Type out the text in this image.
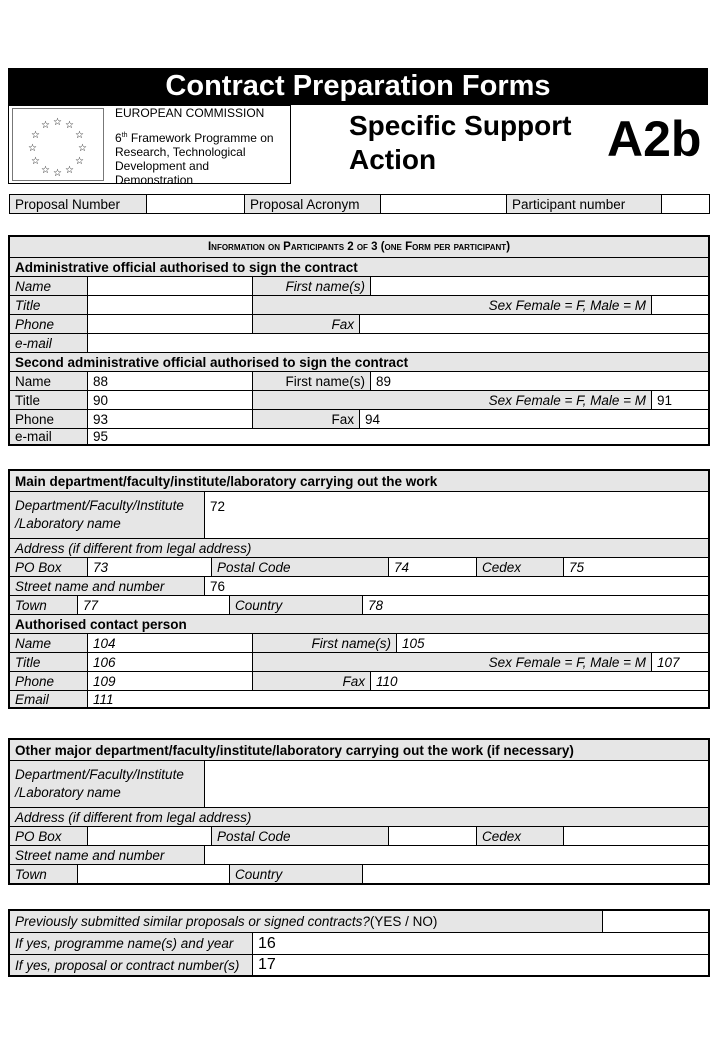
Contract Preparation Forms
☆ ☆
☆
☆
☆
☆
☆
☆
☆
☆
☆ ☆
EUROPEAN COMMISSION
6th Framework Programme on
Research, Technological
Development and Demonstration
Specific Support
Action	A2b
Proposal Number	Proposal Acronym	Participant number
Information on Participants 2 of 3 (one Form per participant)
Administrative official authorised to sign the contract
Name	First name(s)
Title	Sex Female = F, Male = M
Phone	Fax
e-mail
Second administrative official authorised to sign the contract
Name	88	First name(s) 89
Title	90	Sex Female = F, Male = M 91
Phone	93	Fax 94
e-mail	95
Main department/faculty/institute/laboratory carrying out the work
Department/Faculty/Institute
/Laboratory name
72
Address (if different from legal address)
PO Box	73	Postal Code	74	Cedex	75
Street name and number	76
Town	77	Country	78
Authorised contact person
Name	104	First name(s) 105
Title	106	Sex Female = F, Male = M 107
Phone	109	Fax 110
Email	111
Other major department/faculty/institute/laboratory carrying out the work (if necessary)
Department/Faculty/Institute
/Laboratory name
Address (if different from legal address)
PO Box	Postal Code	Cedex
Street name and number
Town	Country
Previously submitted similar proposals or signed contracts? (YES / NO)
If yes, programme name(s) and year	16
If yes, proposal or contract number(s)	17
